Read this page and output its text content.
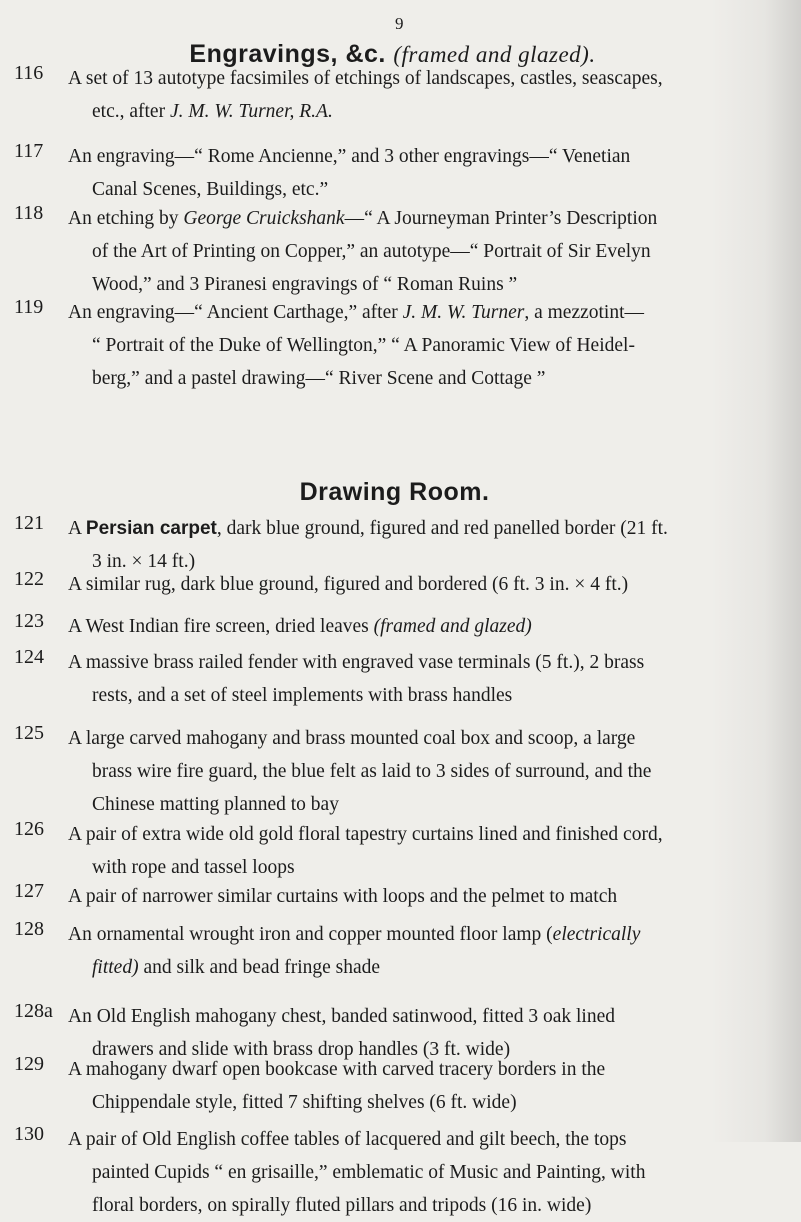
9
Engravings, &c. (framed and glazed).
Drawing Room.
116	A set of 13 autotype facsimiles of etchings of landscapes, castles, seascapes,
etc., after J. M. W. Turner, R.A.
117	An engraving—“ Rome Ancienne,” and 3 other engravings—“ Venetian
Canal Scenes, Buildings, etc.”
118	An etching by George Cruickshank—“ A Journeyman Printer’s Description
of the Art of Printing on Copper,” an autotype—“ Portrait of Sir Evelyn
Wood,” and 3 Piranesi engravings of “ Roman Ruins ”
119	An engraving—“ Ancient Carthage,” after J. M. W. Turner, a mezzotint—
“ Portrait of the Duke of Wellington,” “ A Panoramic View of Heidel-
berg,” and a pastel drawing—“ River Scene and Cottage ”
121	A Persian carpet, dark blue ground, figured and red panelled border (21 ft.
3 in. × 14 ft.)
122	A similar rug, dark blue ground, figured and bordered (6 ft. 3 in. × 4 ft.)
123	A West Indian fire screen, dried leaves (framed and glazed)
124	A massive brass railed fender with engraved vase terminals (5 ft.), 2 brass
rests, and a set of steel implements with brass handles
125	A large carved mahogany and brass mounted coal box and scoop, a large
brass wire fire guard, the blue felt as laid to 3 sides of surround, and the
Chinese matting planned to bay
126	A pair of extra wide old gold floral tapestry curtains lined and finished cord,
with rope and tassel loops
127	A pair of narrower similar curtains with loops and the pelmet to match
128	An ornamental wrought iron and copper mounted floor lamp (electrically
fitted) and silk and bead fringe shade
128a An Old English mahogany chest, banded satinwood, fitted 3 oak lined
drawers and slide with brass drop handles (3 ft. wide)
129	A mahogany dwarf open bookcase with carved tracery borders in the
Chippendale style, fitted 7 shifting shelves (6 ft. wide)
130	A pair of Old English coffee tables of lacquered and gilt beech, the tops
painted Cupids “ en grisaille,” emblematic of Music and Painting, with
floral borders, on spirally fluted pillars and tripods (16 in. wide)
